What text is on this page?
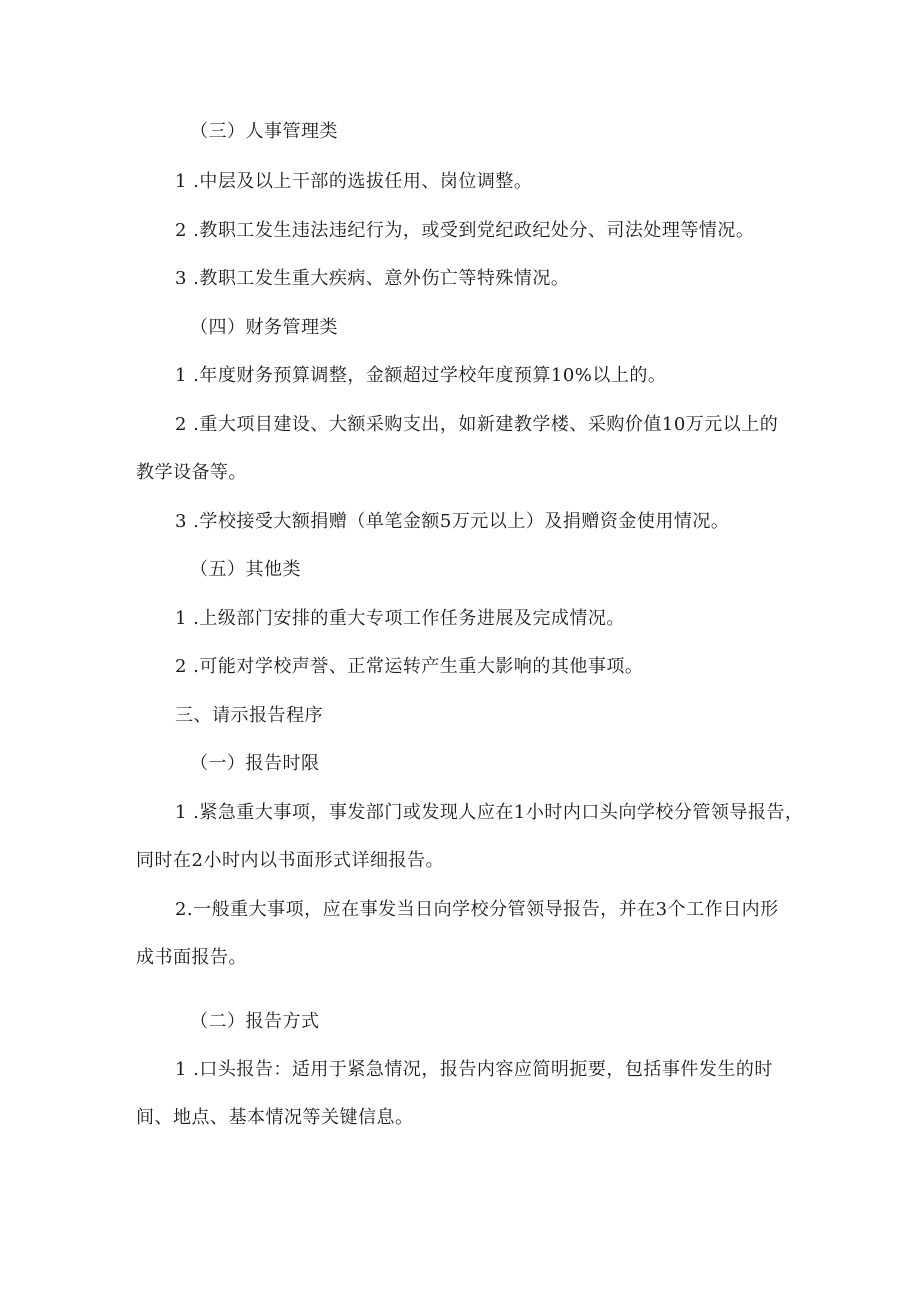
（三）人事管理类
1 .中层及以上干部的选拔任用、岗位调整。
2 .教职工发生违法违纪行为，或受到党纪政纪处分、司法处理等情况。
3 .教职工发生重大疾病、意外伤亡等特殊情况。
（四）财务管理类
1 .年度财务预算调整，金额超过学校年度预算10%以上的。
2 .重大项目建设、大额采购支出，如新建教学楼、采购价值10万元以上的
教学设备等。
3 .学校接受大额捐赠（单笔金额5万元以上）及捐赠资金使用情况。
（五）其他类
1 .上级部门安排的重大专项工作任务进展及完成情况。
2 .可能对学校声誉、正常运转产生重大影响的其他事项。
三、请示报告程序
（一）报告时限
1 .紧急重大事项，事发部门或发现人应在1小时内口头向学校分管领导报告，
同时在2小时内以书面形式详细报告。
2.一般重大事项，应在事发当日向学校分管领导报告，并在3个工作日内形
成书面报告。
（二）报告方式
1 .口头报告：适用于紧急情况，报告内容应简明扼要，包括事件发生的时
间、地点、基本情况等关键信息。
